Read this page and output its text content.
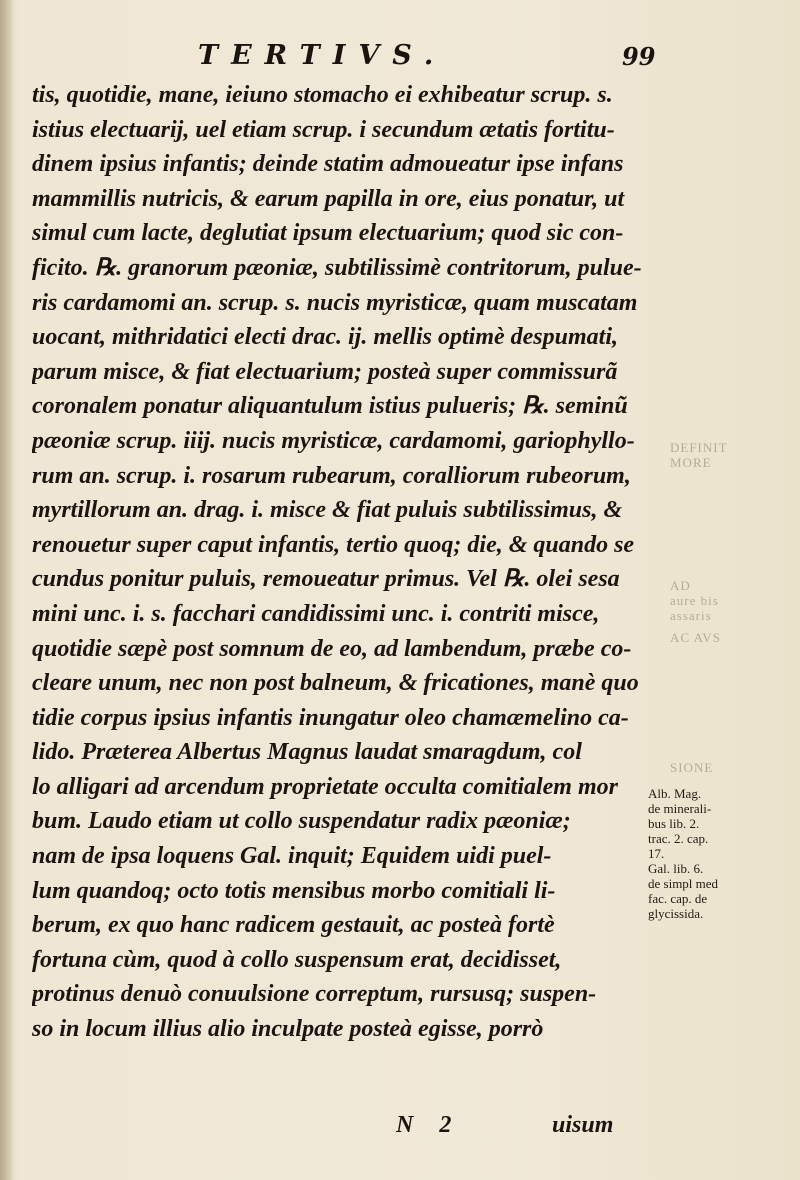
TERTIVS.	99
tis, quotidie, mane, ieiuno stomacho ei exhibeatur scrup. s.
istius electuarij, uel etiam scrup. i secundum ætatis fortitu-
dinem ipsius infantis; deinde statim admoueatur ipse infans
mammillis nutricis, & earum papilla in ore, eius ponatur, ut
simul cum lacte, deglutiat ipsum electuarium; quod sic con-
ficito. ℞. granorum pæoniæ, subtilissimè contritorum, pulue-
ris cardamomi an. scrup. s. nucis myristicæ, quam muscatam
uocant, mithridatici electi drac. ij. mellis optimè despumati,
parum misce, & fiat electuarium; posteà super commissurã
coronalem ponatur aliquantulum istius pulueris; ℞. seminũ
pæoniæ scrup. iiij. nucis myristicæ, cardamomi, gariophyllo-
rum an. scrup. i. rosarum rubearum, coralliorum rubeorum,
myrtillorum an. drag. i. misce & fiat puluis subtilissimus, &
renouetur super caput infantis, tertio quoq; die, & quando se
cundus ponitur puluis, remoueatur primus. Vel ℞. olei sesa
mini unc. i. s. facchari candidissimi unc. i. contriti misce,
quotidie sæpè post somnum de eo, ad lambendum, præbe co-
cleare unum, nec non post balneum, & fricationes, manè quo
tidie corpus ipsius infantis inungatur oleo chamæmelino ca-
lido. Præterea Albertus Magnus laudat smaragdum, col
lo alligari ad arcendum proprietate occulta comitialem mor
bum. Laudo etiam ut collo suspendatur radix pæoniæ;
nam de ipsa loquens Gal. inquit; Equidem uidi puel-
lum quandoq; octo totis mensibus morbo comitiali li-
berum, ex quo hanc radicem gestauit, ac posteà fortè
fortuna cùm, quod à collo suspensum erat, decidisset,
protinus denuò conuulsione correptum, rursusq; suspen-
so in locum illius alio inculpate posteà egisse, porrò
Alb. Mag.
de minerali-
bus lib. 2.
trac. 2. cap.
17.
Gal. lib. 6.
de simpl med
fac. cap. de
glycissida.
DEFINIT
MORE
AD
aure bis
assaris
AC AVS
SIONE
N 2	uisum
